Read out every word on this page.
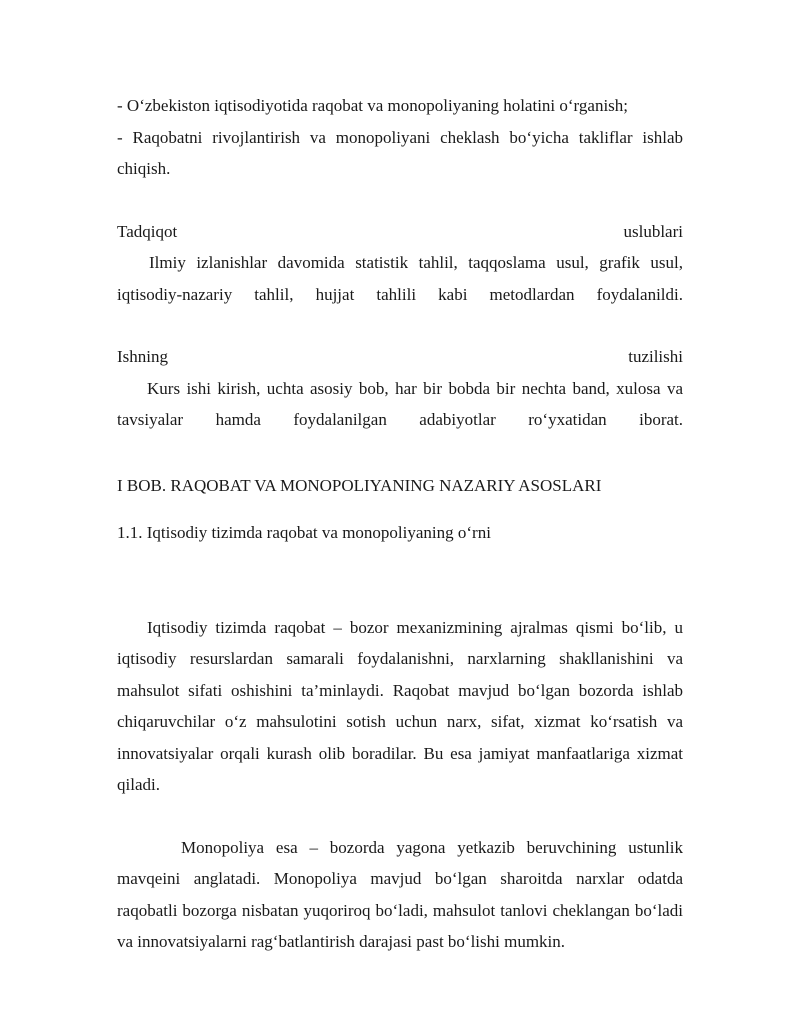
- O‘zbekiston iqtisodiyotida raqobat va monopoliyaning holatini o‘rganish;

- Raqobatni rivojlantirish va monopoliyani cheklash bo‘yicha takliflar ishlab chiqish.

Tadqiqot	uslublari

Ilmiy izlanishlar davomida statistik tahlil, taqqoslama usul, grafik usul, iqtisodiy-nazariy tahlil, hujjat tahlili kabi metodlardan foydalanildi.

Ishning	tuzilishi

Kurs ishi kirish, uchta asosiy bob, har bir bobda bir nechta band, xulosa va tavsiyalar hamda foydalanilgan adabiyotlar ro‘yxatidan iborat.

I BOB. RAQOBAT VA MONOPOLIYANING NAZARIY ASOSLARI
1.1. Iqtisodiy tizimda raqobat va monopoliyaning o‘rni

Iqtisodiy tizimda raqobat – bozor mexanizmining ajralmas qismi bo‘lib, u iqtisodiy resurslardan samarali foydalanishni, narxlarning shakllanishini va mahsulot sifati oshishini ta’minlaydi. Raqobat mavjud bo‘lgan bozorda ishlab chiqaruvchilar o‘z mahsulotini sotish uchun narx, sifat, xizmat ko‘rsatish va innovatsiyalar orqali kurash olib boradilar. Bu esa jamiyat manfaatlariga xizmat qiladi.

Monopoliya esa – bozorda yagona yetkazib beruvchining ustunlik mavqeini anglatadi. Monopoliya mavjud bo‘lgan sharoitda narxlar odatda raqobatli bozorga nisbatan yuqoriroq bo‘ladi, mahsulot tanlovi cheklangan bo‘ladi va innovatsiyalarni rag‘batlantirish darajasi past bo‘lishi mumkin.
